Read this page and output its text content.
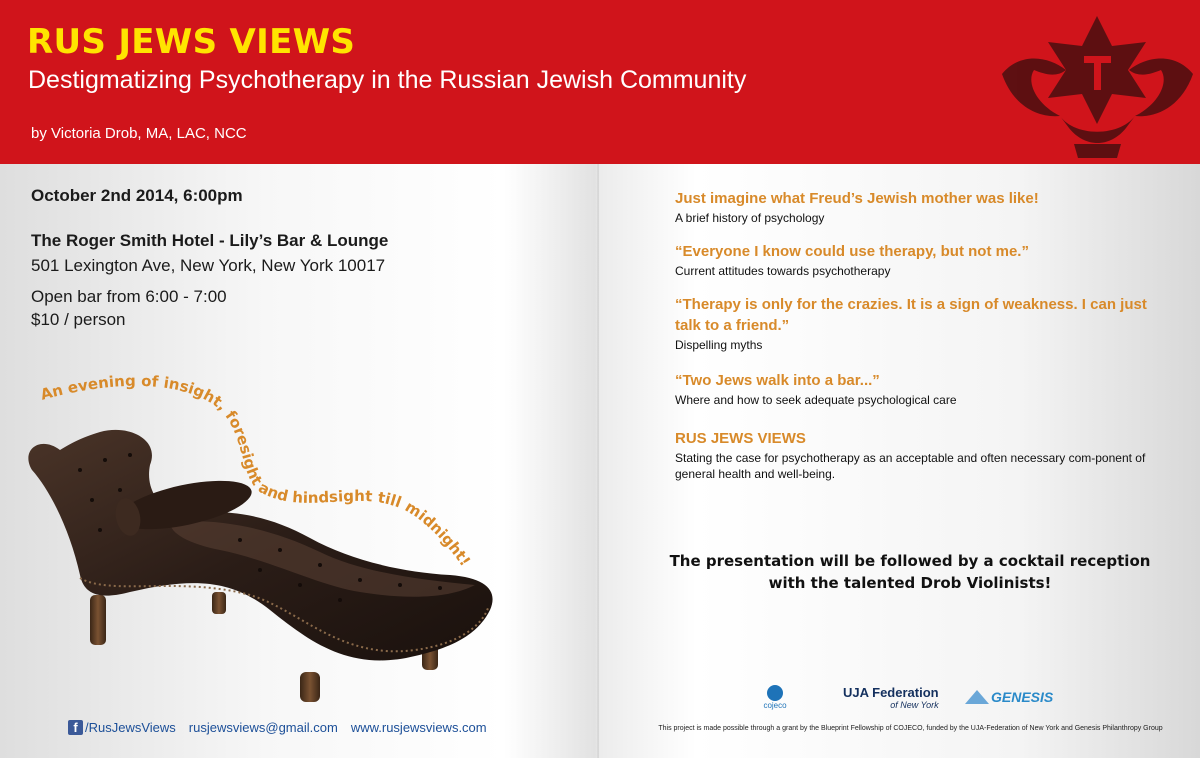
RUS JEWS VIEWS
Destigmatizing Psychotherapy in the Russian Jewish Community
by Victoria Drob, MA, LAC, NCC
October 2nd 2014, 6:00pm
The Roger Smith Hotel - Lily’s Bar & Lounge
501 Lexington Ave, New York, New York 10017
Open bar from 6:00 - 7:00
$10 / person
An evening of insight, foresight and hindsight till midnight!
f /RusJewsViews rusjewsviews@gmail.com www.rusjewsviews.com
Just imagine what Freud’s Jewish mother was like!
A brief history of psychology
“Everyone I know could use therapy, but not me.”
Current attitudes towards psychotherapy
“Therapy is only for the crazies. It is a sign of weakness. I can just talk to a friend.”
Dispelling myths
“Two Jews walk into a bar...”
Where and how to seek adequate psychological care
RUS JEWS VIEWS
Stating the case for psychotherapy as an acceptable and often necessary com-ponent of general health and well-being.
The presentation will be followed by a cocktail reception
with the talented Drob Violinists!
cojeco
UJA Federation
of New York	GENESIS
This project is made possible through a grant by the Blueprint Fellowship of COJECO, funded by the UJA-Federation of New York and Genesis Philanthropy Group
